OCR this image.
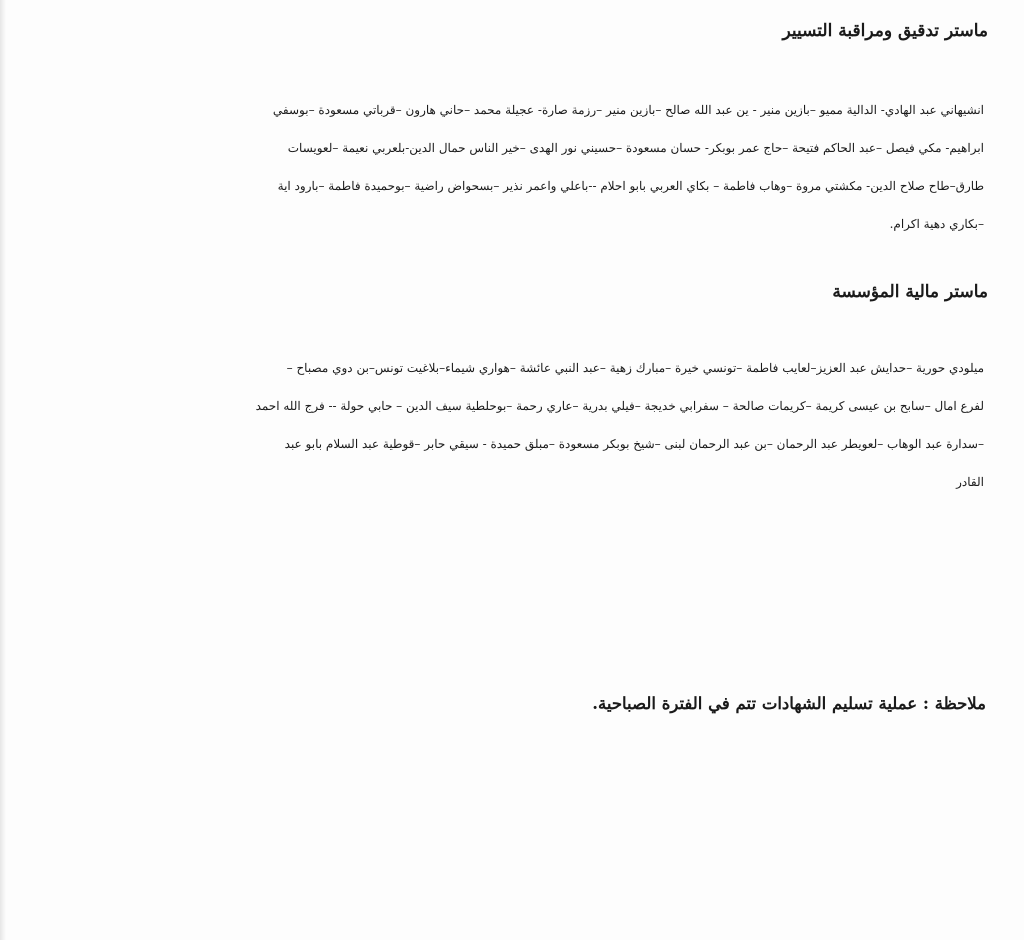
ماستر تدقيق ومراقبة التسيير

انشيهاني عبد الهادي- الدالية مميو –بازين منير - ين عبد الله صالح –بازين منير –رزمة صارة- عجيلة محمد –حاني هارون –قرباتي مسعودة –بوسفي
ابراهيم- مكي فيصل –عبد الحاكم فتيحة –حاج عمر بوبكر- حسان مسعودة –حسيني نور الهدى –خير الناس حمال الدين-بلعربي نعيمة –لعويسات
طارق–طاح صلاح الدين- مكشتي مروة –وهاب فاطمة – بكاي العربي بابو احلام --باعلي واعمر نذير –بسحواض راضية –بوحميدة فاطمة –بارود اية
–بكاري دهية اكرام.

ماستر مالية المؤسسة

ميلودي حورية –حدايش عبد العزيز–لعايب فاطمة –تونسي خيرة –مبارك زهية –عبد النبي عائشة –هواري شيماء–بلاغيت تونس–بن دوي مصباح –
لفرع امال –سابح بن عيسى كريمة –كريمات صالحة – سفرابي خديجة –فيلي بدرية –عاري رحمة –بوحلطية سيف الدين – حابي حولة -- فرج الله احمد
–سدارة عبد الوهاب –لعويطر عبد الرحمان –بن عبد الرحمان لبنى –شيخ بوبكر مسعودة –مبلق حميدة - سيقي حابر –قوطية عبد السلام بابو عبد
القادر

ملاحظة : عملية تسليم الشهادات تتم في الفترة الصباحية.
